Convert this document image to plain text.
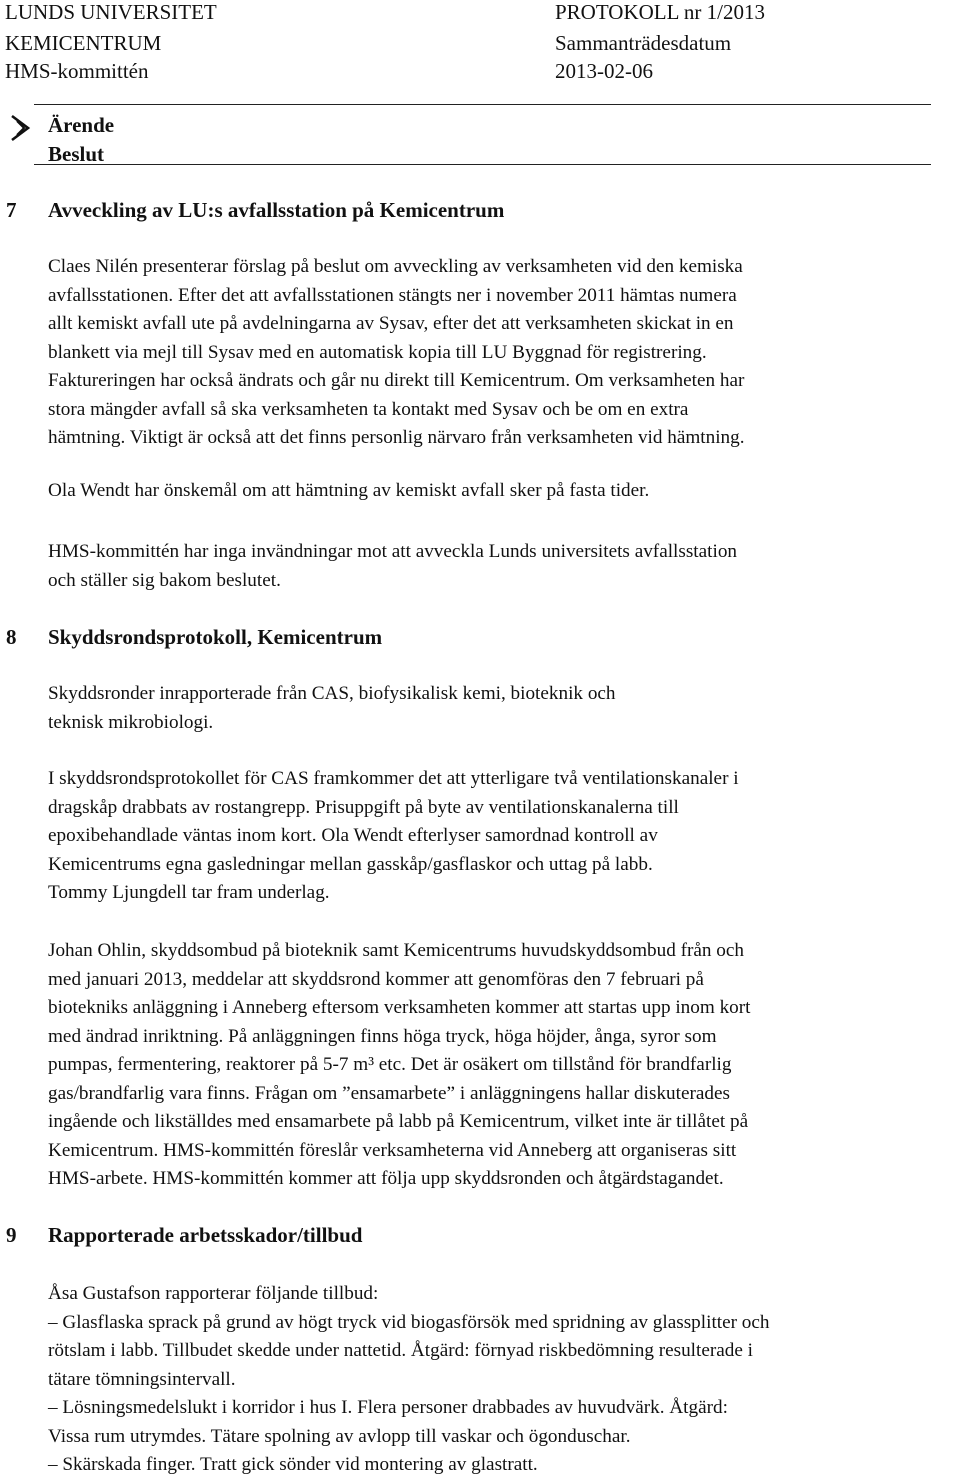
LUNDS UNIVERSITET
KEMICENTRUM
HMS-kommittén
PROTOKOLL nr 1/2013
Sammanträdesdatum
2013-02-06
Ärende
Beslut
7 Avveckling av LU:s avfallsstation på Kemicentrum
Claes Nilén presenterar förslag på beslut om avveckling av verksamheten vid den kemiska
avfallsstationen. Efter det att avfallsstationen stängts ner i november 2011 hämtas numera
allt kemiskt avfall ute på avdelningarna av Sysav, efter det att verksamheten skickat in en
blankett via mejl till Sysav med en automatisk kopia till LU Byggnad för registrering.
Faktureringen har också ändrats och går nu direkt till Kemicentrum. Om verksamheten har
stora mängder avfall så ska verksamheten ta kontakt med Sysav och be om en extra
hämtning. Viktigt är också att det finns personlig närvaro från verksamheten vid hämtning.
Ola Wendt har önskemål om att hämtning av kemiskt avfall sker på fasta tider.
HMS-kommittén har inga invändningar mot att avveckla Lunds universitets avfallsstation
och ställer sig bakom beslutet.
8 Skyddsrondsprotokoll, Kemicentrum
Skyddsronder inrapporterade från CAS, biofysikalisk kemi, bioteknik och
teknisk mikrobiologi.
I skyddsrondsprotokollet för CAS framkommer det att ytterligare två ventilationskanaler i
dragskåp drabbats av rostangrepp. Prisuppgift på byte av ventilationskanalerna till
epoxibehandlade väntas inom kort. Ola Wendt efterlyser samordnad kontroll av
Kemicentrums egna gasledningar mellan gasskåp/gasflaskor och uttag på labb.
Tommy Ljungdell tar fram underlag.
Johan Ohlin, skyddsombud på bioteknik samt Kemicentrums huvudskyddsombud från och
med januari 2013, meddelar att skyddsrond kommer att genomföras den 7 februari på
biotekniks anläggning i Anneberg eftersom verksamheten kommer att startas upp inom kort
med ändrad inriktning. På anläggningen finns höga tryck, höga höjder, ånga, syror som
pumpas, fermentering, reaktorer på 5-7 m³ etc. Det är osäkert om tillstånd för brandfarlig
gas/brandfarlig vara finns. Frågan om ”ensamarbete” i anläggningens hallar diskuterades
ingående och likställdes med ensamarbete på labb på Kemicentrum, vilket inte är tillåtet på
Kemicentrum. HMS-kommittén föreslår verksamheterna vid Anneberg att organiseras sitt
HMS-arbete. HMS-kommittén kommer att följa upp skyddsronden och åtgärdstagandet.
9 Rapporterade arbetsskador/tillbud
Åsa Gustafson rapporterar följande tillbud:
– Glasflaska sprack på grund av högt tryck vid biogasförsök med spridning av glassplitter och
rötslam i labb. Tillbudet skedde under nattetid. Åtgärd: förnyad riskbedömning resulterade i
tätare tömningsintervall.
– Lösningsmedelslukt i korridor i hus I. Flera personer drabbades av huvudvärk. Åtgärd:
Vissa rum utrymdes. Tätare spolning av avlopp till vaskar och ögonduschar.
– Skärskada finger. Tratt gick sönder vid montering av glastratt.
